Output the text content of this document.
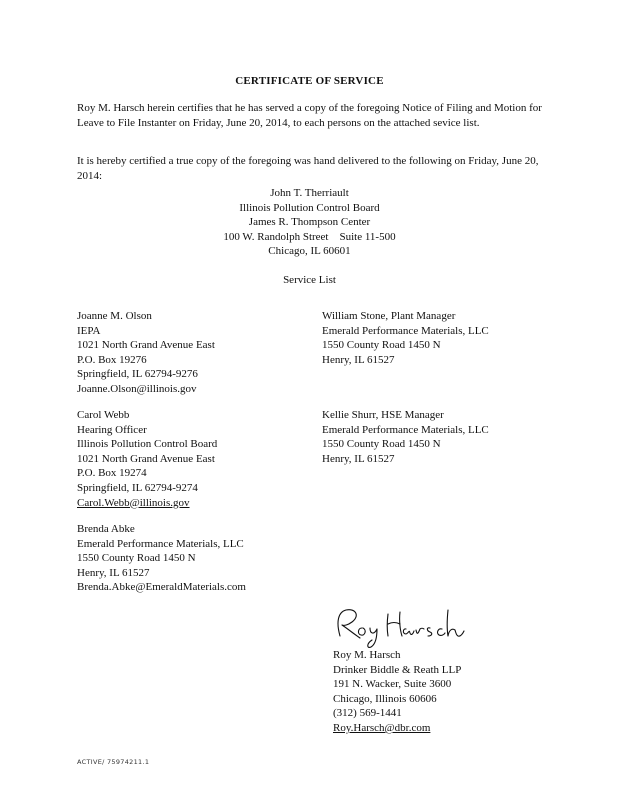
CERTIFICATE OF SERVICE

Roy M. Harsch herein certifies that he has served a copy of the foregoing Notice of Filing and Motion for Leave to File Instanter on Friday, June 20, 2014, to each persons on the attached sevice list.

It is hereby certified a true copy of the foregoing was hand delivered to the following on Friday, June 20, 2014:

John T. Therriault
Illinois Pollution Control Board
James R. Thompson Center
100 W. Randolph Street    Suite 11-500
Chicago, IL 60601
Service List
Joanne M. Olson
IEPA
1021 North Grand Avenue East
P.O. Box 19276
Springfield, IL 62794-9276
Joanne.Olson@illinois.gov
William Stone, Plant Manager
Emerald Performance Materials, LLC
1550 County Road 1450 N
Henry, IL 61527
Carol Webb
Hearing Officer
Illinois Pollution Control Board
1021 North Grand Avenue East
P.O. Box 19274
Springfield, IL 62794-9274
Carol.Webb@illinois.gov
Kellie Shurr, HSE Manager
Emerald Performance Materials, LLC
1550 County Road 1450 N
Henry, IL 61527
Brenda Abke
Emerald Performance Materials, LLC
1550 County Road 1450 N
Henry, IL 61527
Brenda.Abke@EmeraldMaterials.com
Roy M. Harsch
Drinker Biddle & Reath LLP
191 N. Wacker, Suite 3600
Chicago, Illinois 60606
(312) 569-1441
Roy.Harsch@dbr.com
ACTIVE/ 75974211.1
